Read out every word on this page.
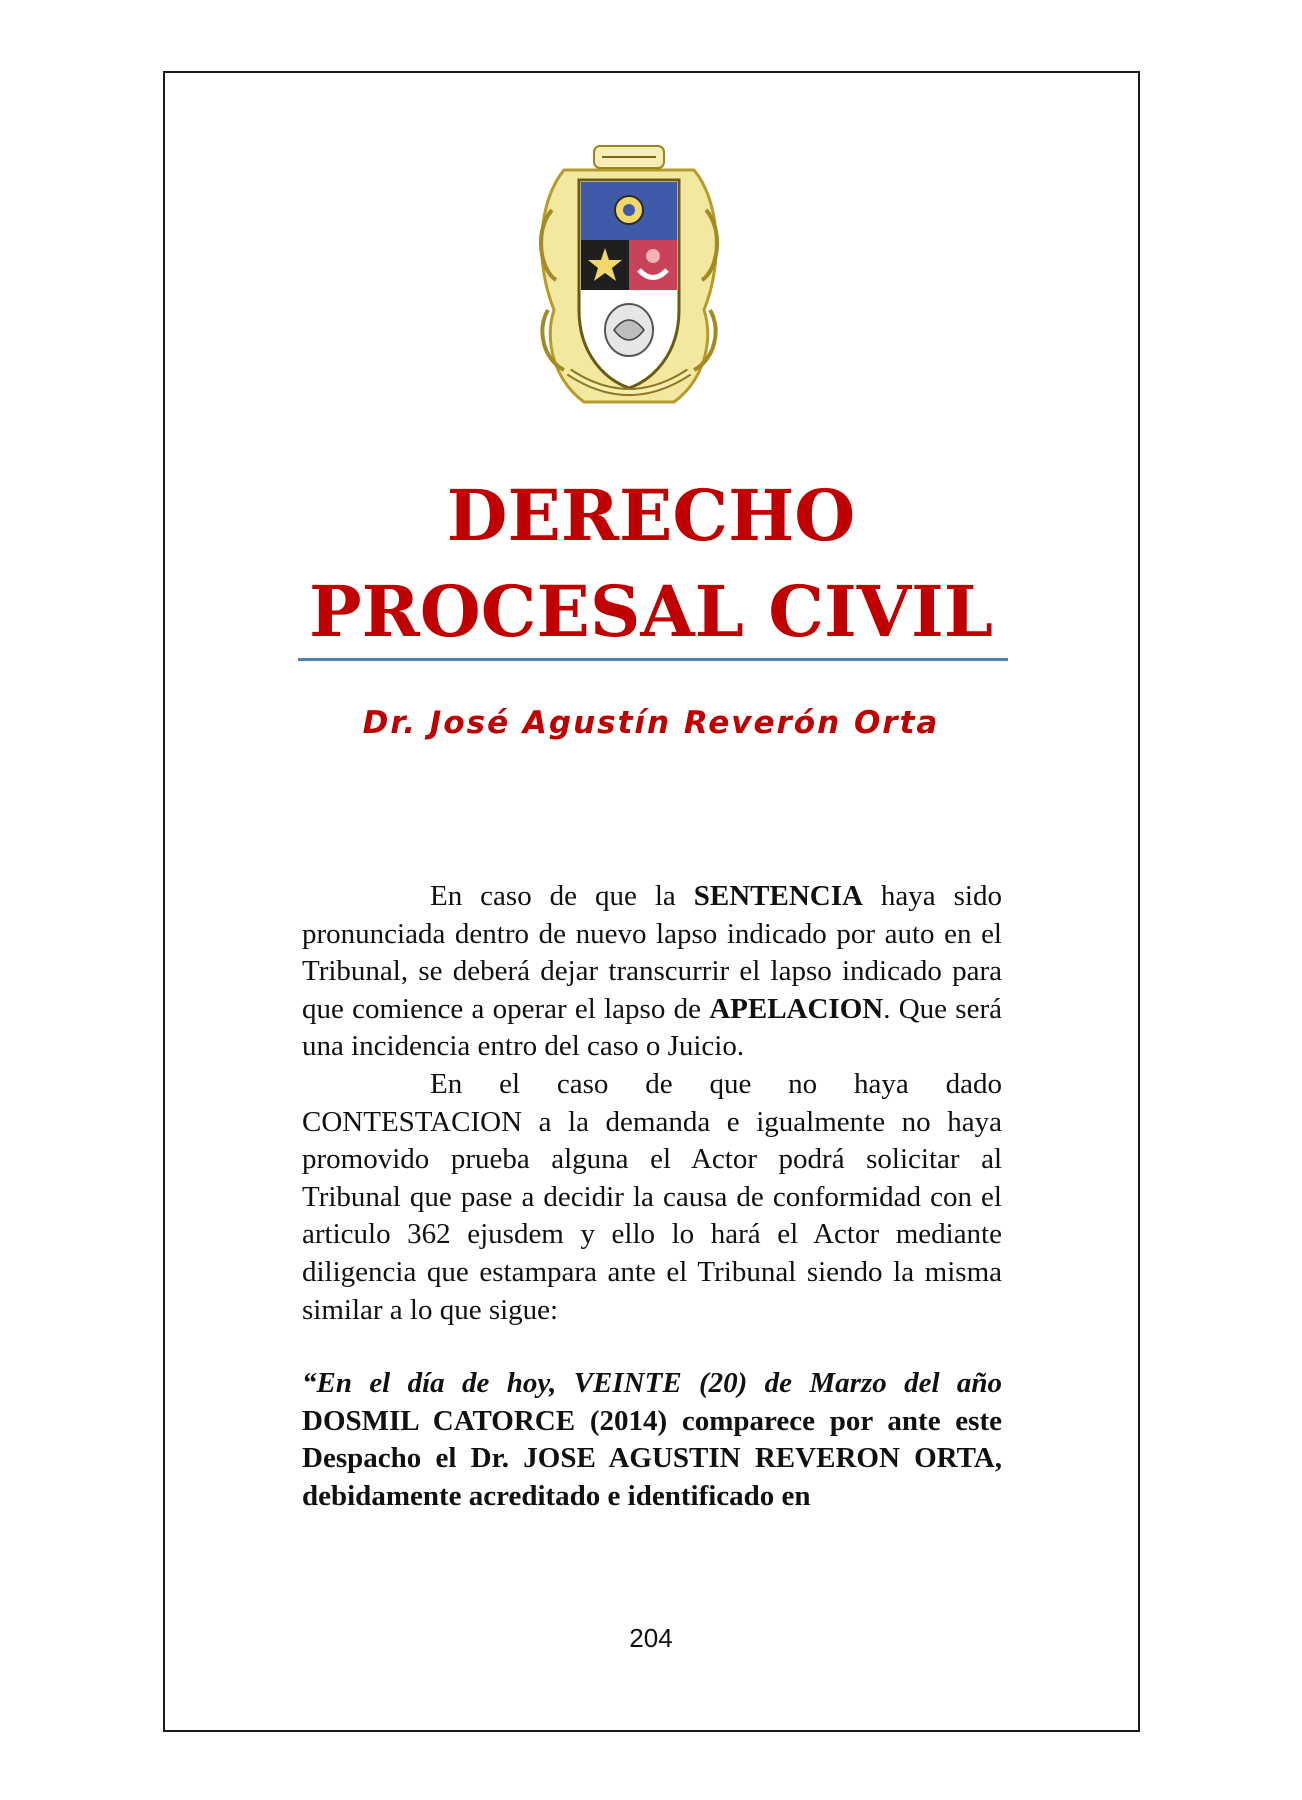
DERECHO
PROCESAL CIVIL
Dr. José Agustín Reverón Orta

En caso de que la SENTENCIA haya sido pronunciada dentro de nuevo lapso indicado por auto en el Tribunal, se deberá dejar transcurrir el lapso indicado para que comience a operar el lapso de APELACION. Que será una incidencia entro del caso o Juicio.

En el caso de que no haya dado CONTESTACION a la demanda e igualmente no haya promovido prueba alguna el Actor podrá solicitar al Tribunal que pase a decidir la causa de conformidad con el articulo 362 ejusdem y ello lo hará el Actor mediante diligencia que estampara ante el Tribunal siendo la misma similar a lo que sigue:

“En el día de hoy, VEINTE (20) de Marzo del año DOSMIL CATORCE (2014) comparece por ante este Despacho el Dr. JOSE AGUSTIN REVERON ORTA, debidamente acreditado e identificado en

204
